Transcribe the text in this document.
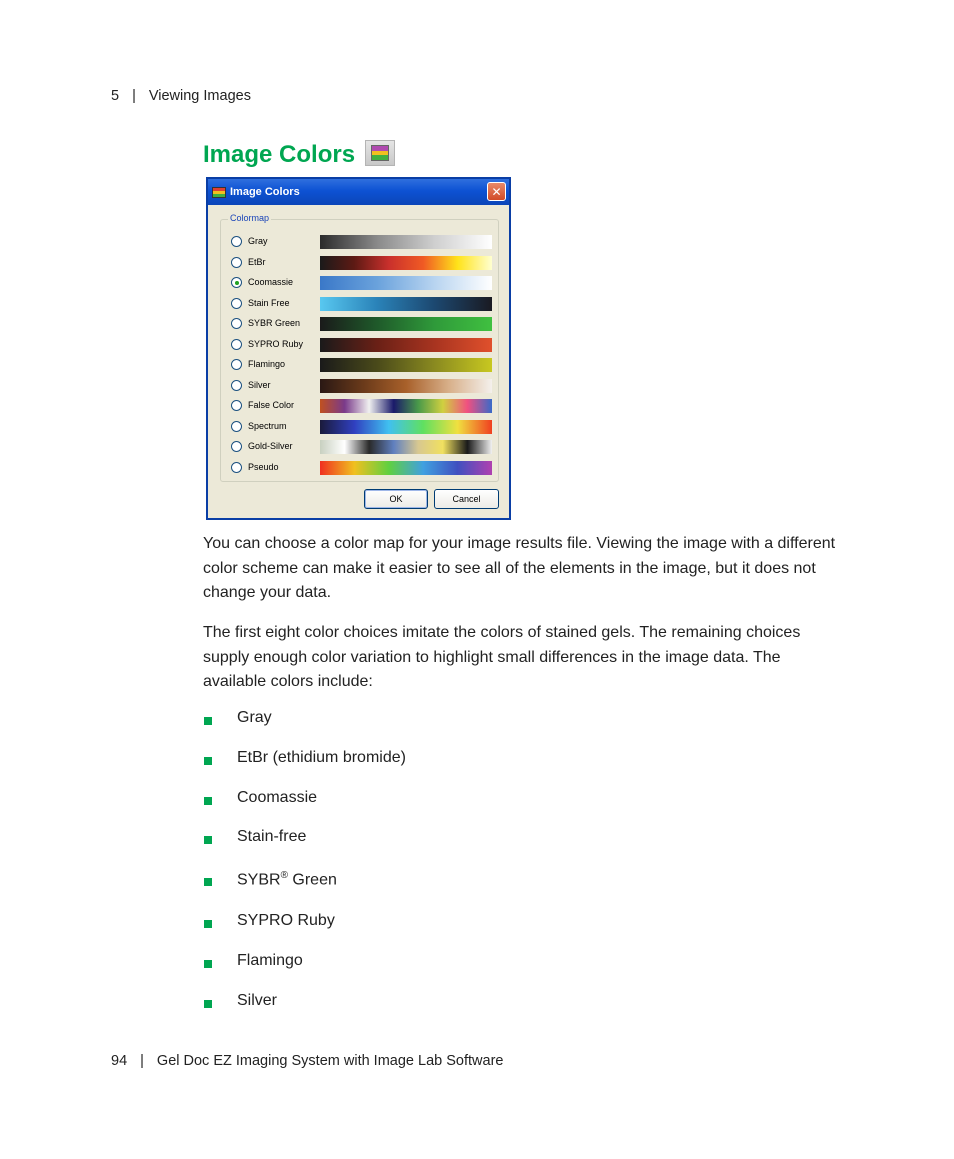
5 | Viewing Images
Image Colors
Image Colors	✕
Colormap
Gray
EtBr
Coomassie
Stain Free
SYBR Green
SYPRO Ruby
Flamingo
Silver
False Color
Spectrum
Gold-Silver
Pseudo
OK	Cancel

You can choose a color map for your image results file. Viewing the image with a different color scheme can make it easier to see all of the elements in the image, but it does not change your data.

The first eight color choices imitate the colors of stained gels. The remaining choices supply enough color variation to highlight small differences in the image data. The available colors include:

Gray
EtBr (ethidium bromide)
Coomassie
Stain-free
SYBR® Green
SYPRO Ruby
Flamingo
Silver
94 | Gel Doc EZ Imaging System with Image Lab Software
